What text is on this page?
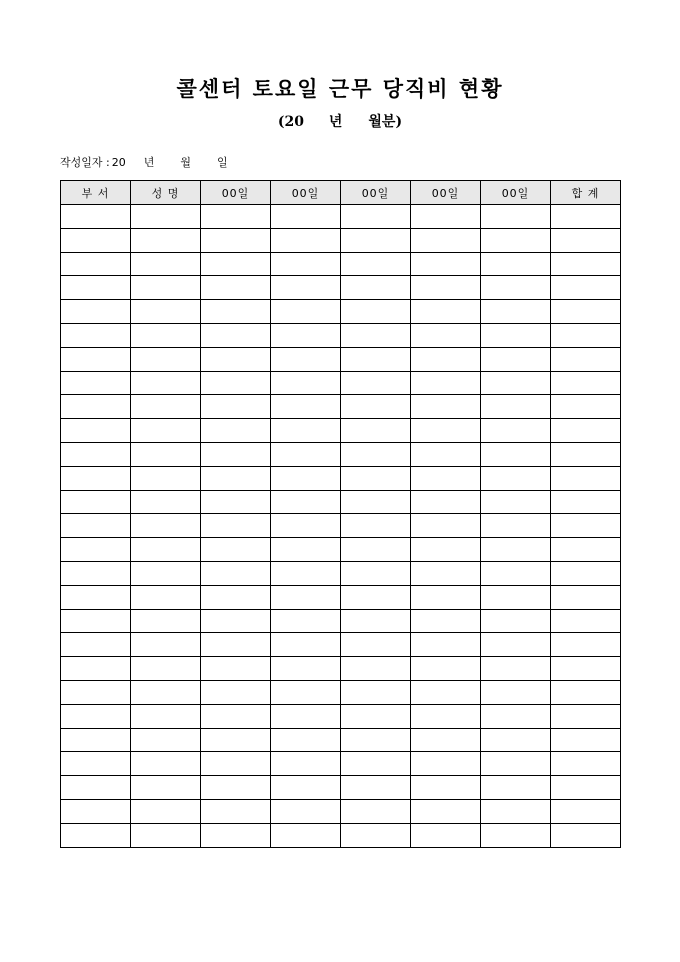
콜센터 토요일 근무 당직비 현황
(20 년 월분)
작성일자 : 20 년 월 일
부 서	성 명	00일	00일	00일	00일	00일	합 계
